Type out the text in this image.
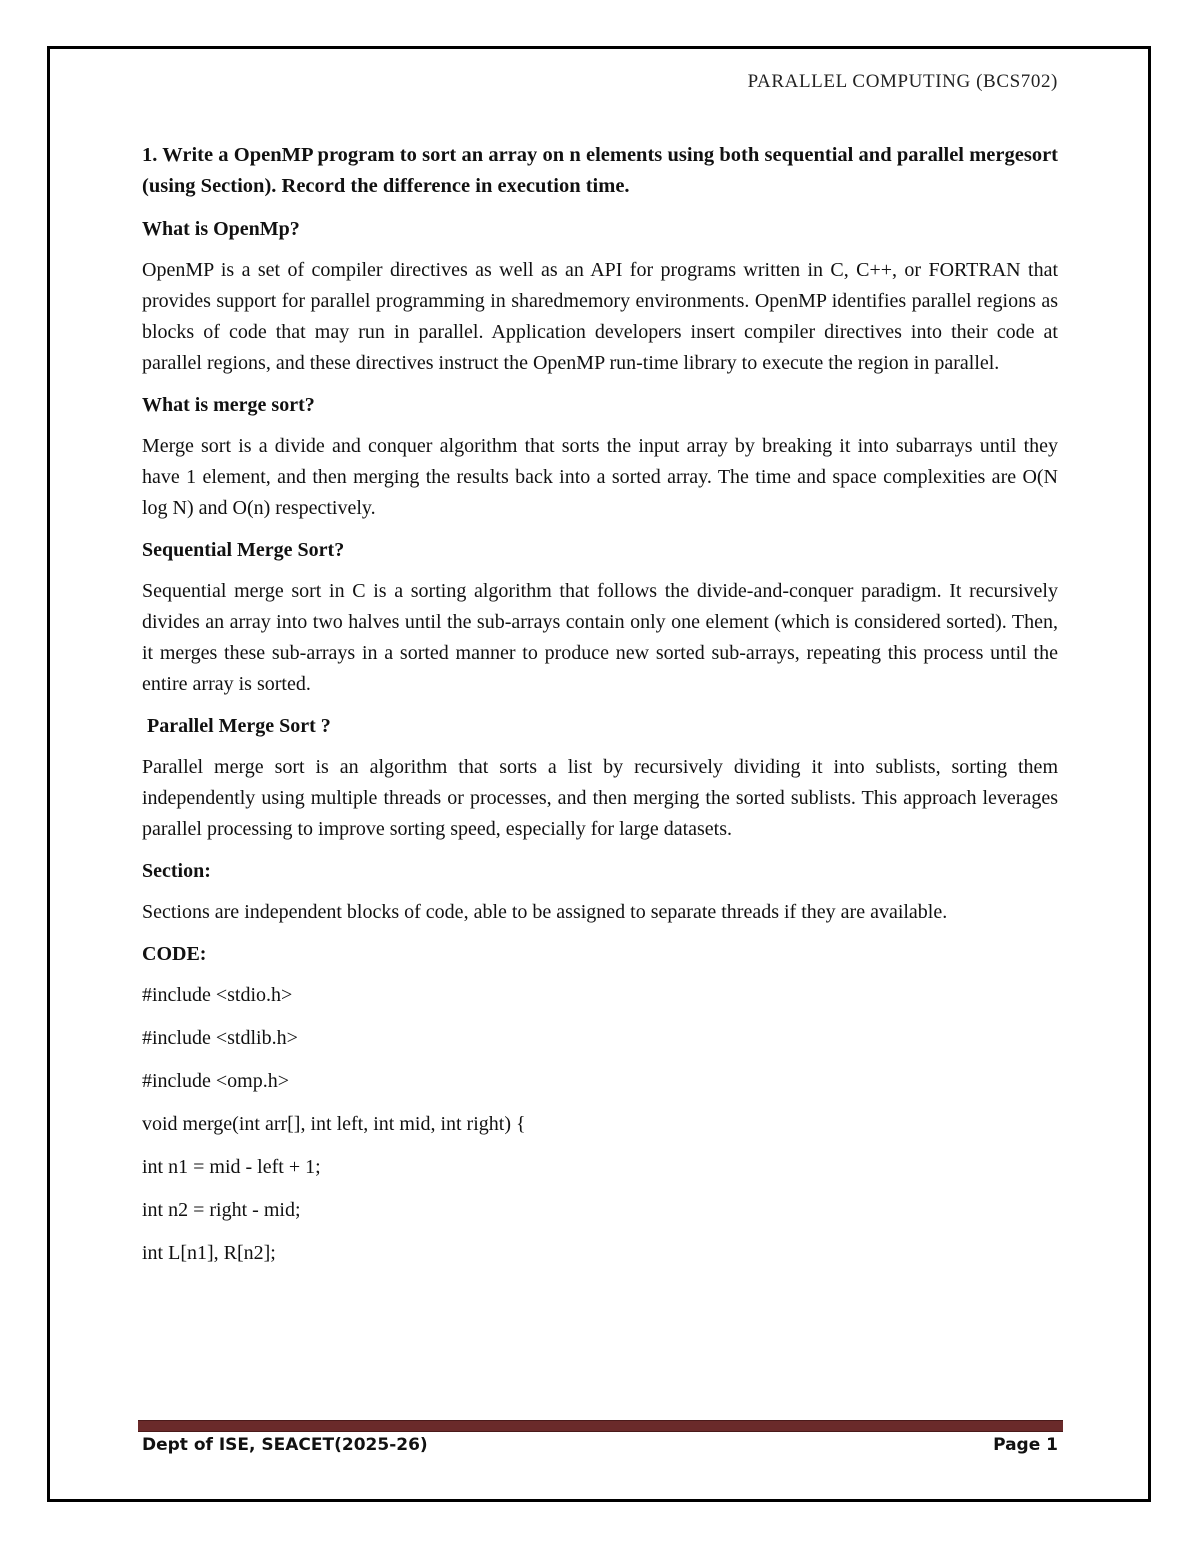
PARALLEL COMPUTING (BCS702)

1. Write a OpenMP program to sort an array on n elements using both sequential and parallel mergesort (using Section). Record the difference in execution time.

What is OpenMp?

OpenMP is a set of compiler directives as well as an API for programs written in C, C++, or FORTRAN that provides support for parallel programming in sharedmemory environments. OpenMP identifies parallel regions as blocks of code that may run in parallel. Application developers insert compiler directives into their code at parallel regions, and these directives instruct the OpenMP run-time library to execute the region in parallel.

What is merge sort?

Merge sort is a divide and conquer algorithm that sorts the input array by breaking it into subarrays until they have 1 element, and then merging the results back into a sorted array. The time and space complexities are O(N log N) and O(n) respectively.

Sequential Merge Sort?

Sequential merge sort in C is a sorting algorithm that follows the divide-and-conquer paradigm. It recursively divides an array into two halves until the sub-arrays contain only one element (which is considered sorted). Then, it merges these sub-arrays in a sorted manner to produce new sorted sub-arrays, repeating this process until the entire array is sorted.

Parallel Merge Sort ?

Parallel merge sort is an algorithm that sorts a list by recursively dividing it into sublists, sorting them independently using multiple threads or processes, and then merging the sorted sublists. This approach leverages parallel processing to improve sorting speed, especially for large datasets.

Section:

Sections are independent blocks of code, able to be assigned to separate threads if they are available.

CODE:

#include <stdio.h>

#include <stdlib.h>

#include <omp.h>

void merge(int arr[], int left, int mid, int right) {

int n1 = mid - left + 1;

int n2 = right - mid;

int L[n1], R[n2];

Dept of ISE, SEACET(2025-26)	Page 1
